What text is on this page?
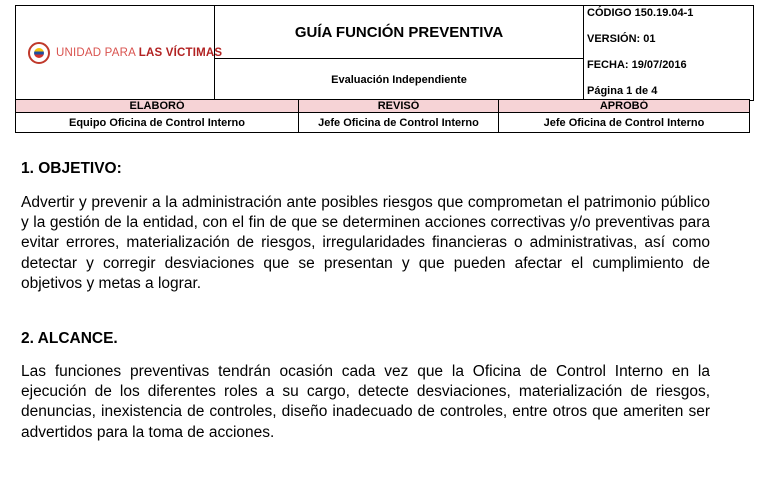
UNIDAD PARA LAS VÍCTIMAS
	GUÍA FUNCIÓN PREVENTIVA	
CÓDIGO 150.19.04-1
VERSIÓN: 01
FECHA: 19/07/2016
Página 1 de 4

Evaluación Independiente
ELABORÓ	REVISÓ	APROBÓ
Equipo Oficina de Control Interno	Jefe Oficina de Control Interno	Jefe Oficina de Control Interno
1. OBJETIVO:
Advertir y prevenir a la administración ante posibles riesgos que comprometan el patrimonio público y la gestión de la entidad, con el fin de que se determinen acciones correctivas y/o preventivas para evitar errores, materialización de riesgos, irregularidades financieras o administrativas, así como detectar y corregir desviaciones que se presentan y que pueden afectar el cumplimiento de objetivos y metas a lograr.
2. ALCANCE.
Las funciones preventivas tendrán ocasión cada vez que la Oficina de Control Interno en la ejecución de los diferentes roles a su cargo, detecte desviaciones, materialización de riesgos, denuncias, inexistencia de controles, diseño inadecuado de controles, entre otros que ameriten ser advertidos para la toma de acciones.
